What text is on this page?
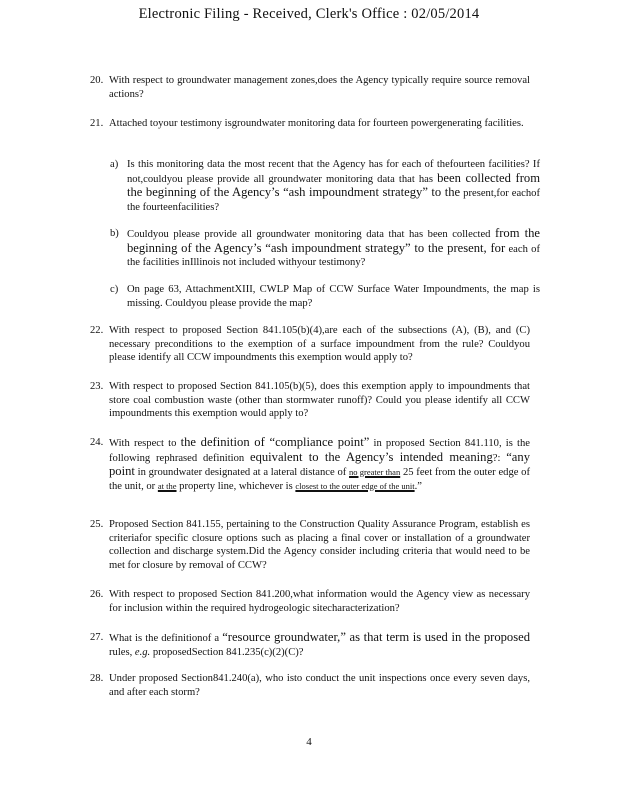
Electronic Filing - Received, Clerk's Office : 02/05/2014
20. With respect to groundwater management zones,does the Agency typically require source removal actions?
21. Attached toyour testimony isgroundwater monitoring data for fourteen powergenerating facilities.
a) Is this monitoring data the most recent that the Agency has for each of thefourteen facilities? If not,couldyou please provide all groundwater monitoring data that has been collected from the beginning of the Agency’s “ash impoundment strategy” to the present,for eachof the fourteenfacilities?
b) Couldyou please provide all groundwater monitoring data that has been collected from the beginning of the Agency’s “ash impoundment strategy” to the present, for each of the facilities inIllinois not included withyour testimony?
c) On page 63, AttachmentXIII, CWLP Map of CCW Surface Water Impoundments, the map is missing. Couldyou please provide the map?
22. With respect to proposed Section 841.105(b)(4),are each of the subsections (A), (B), and (C) necessary preconditions to the exemption of a surface impoundment from the rule? Couldyou please identify all CCW impoundments this exemption would apply to?
23. With respect to proposed Section 841.105(b)(5), does this exemption apply to impoundments that store coal combustion waste (other than stormwater runoff)? Could you please identify all CCW impoundments this exemption would apply to?
24. With respect to the definition of “compliance point” in proposed Section 841.110, is the following rephrased definition equivalent to the Agency’s intended meaning?: “any point in groundwater designated at a lateral distance of no greater than 25 feet from the outer edge of the unit, or at the property line, whichever is closest to the outer edge of the unit.”
25. Proposed Section 841.155, pertaining to the Construction Quality Assurance Program, establish es criteriafor specific closure options such as placing a final cover or installation of a groundwater collection and discharge system.Did the Agency consider including criteria that would need to be met for closure by removal of CCW?
26. With respect to proposed Section 841.200,what information would the Agency view as necessary for inclusion within the required hydrogeologic sitecharacterization?
27. What is the definitionof a “resource groundwater,” as that term is used in the proposed rules, e.g. proposedSection 841.235(c)(2)(C)?
28. Under proposed Section841.240(a), who isto conduct the unit inspections once every seven days, and after each storm?
4
